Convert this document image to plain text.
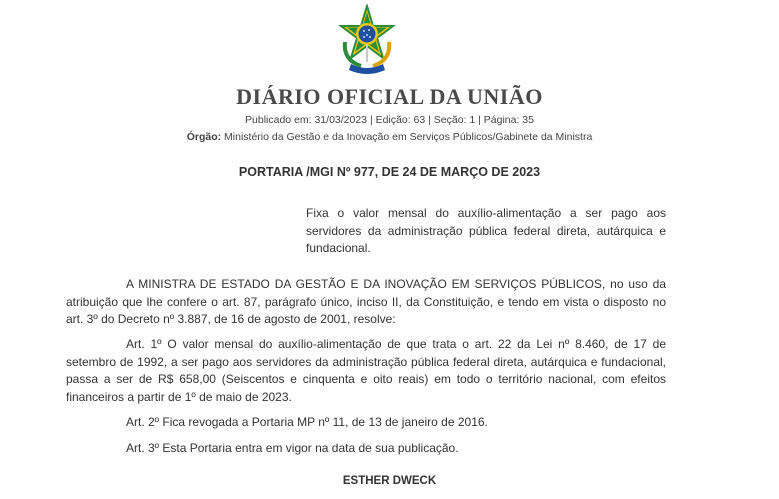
DIÁRIO OFICIAL DA UNIÃO
Publicado em: 31/03/2023 | Edição: 63 | Seção: 1 | Página: 35
Órgão: Ministério da Gestão e da Inovação em Serviços Públicos/Gabinete da Ministra
PORTARIA /MGI Nº 977, DE 24 DE MARÇO DE 2023
Fixa o valor mensal do auxílio-alimentação a ser pago aos servidores da administração pública federal direta, autárquica e fundacional.
A MINISTRA DE ESTADO DA GESTÃO E DA INOVAÇÃO EM SERVIÇOS PÚBLICOS, no uso da atribuição que lhe confere o art. 87, parágrafo único, inciso II, da Constituição, e tendo em vista o disposto no art. 3º do Decreto nº 3.887, de 16 de agosto de 2001, resolve:
Art. 1º O valor mensal do auxílio-alimentação de que trata o art. 22 da Lei nº 8.460, de 17 de setembro de 1992, a ser pago aos servidores da administração pública federal direta, autárquica e fundacional, passa a ser de R$ 658,00 (Seiscentos e cinquenta e oito reais) em todo o território nacional, com efeitos financeiros a partir de 1º de maio de 2023.
Art. 2º Fica revogada a Portaria MP nº 11, de 13 de janeiro de 2016.
Art. 3º Esta Portaria entra em vigor na data de sua publicação.
ESTHER DWECK
